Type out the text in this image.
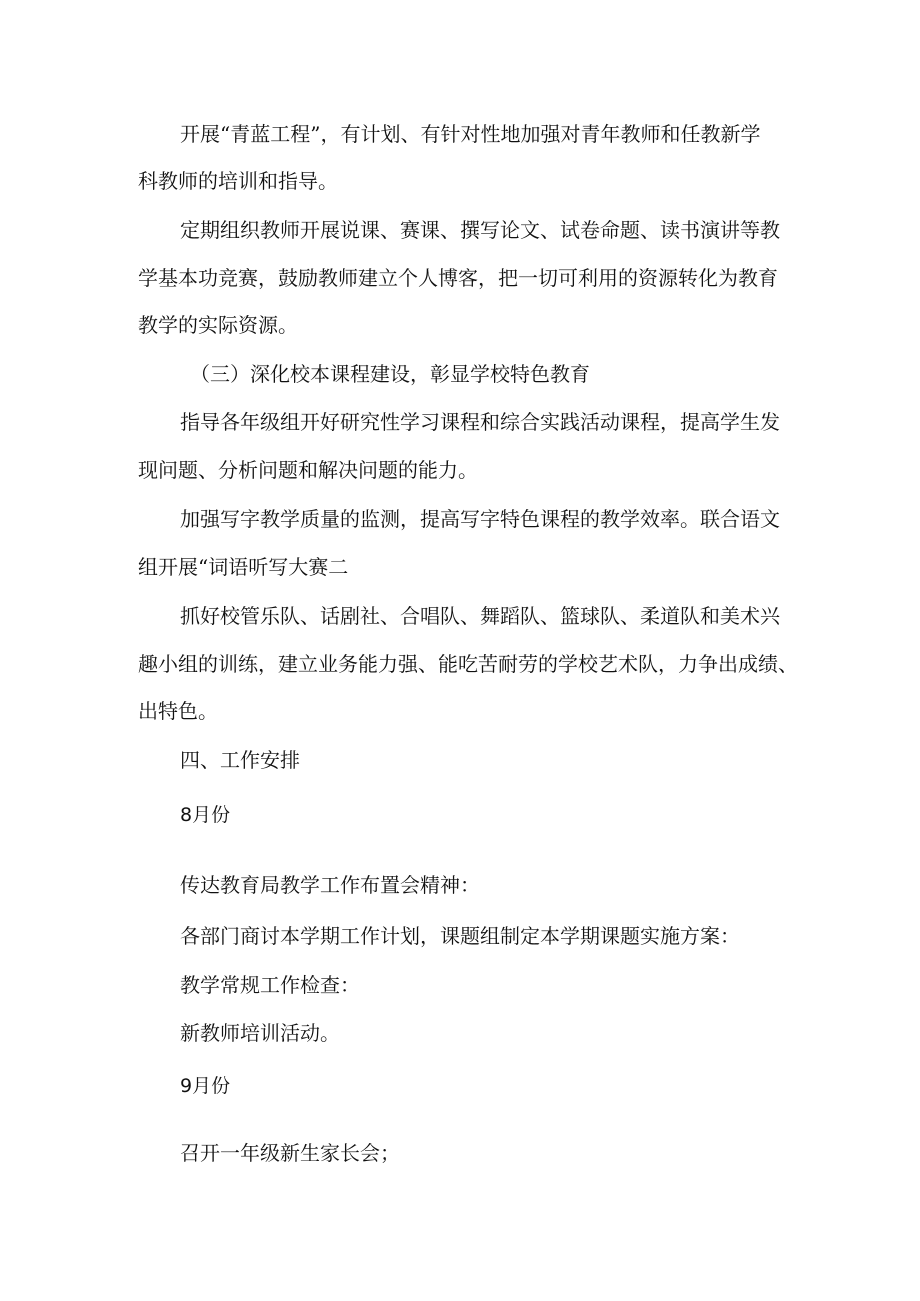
开展“青蓝工程”，有计划、有针对性地加强对青年教师和任教新学
科教师的培训和指导。
定期组织教师开展说课、赛课、撰写论文、试卷命题、读书演讲等教
学基本功竞赛，鼓励教师建立个人博客，把一切可利用的资源转化为教育
教学的实际资源。
（三）深化校本课程建设，彰显学校特色教育
指导各年级组开好研究性学习课程和综合实践活动课程，提高学生发
现问题、分析问题和解决问题的能力。
加强写字教学质量的监测，提高写字特色课程的教学效率。联合语文
组开展“词语听写大赛二
抓好校管乐队、话剧社、合唱队、舞蹈队、篮球队、柔道队和美术兴
趣小组的训练，建立业务能力强、能吃苦耐劳的学校艺术队，力争出成绩、
出特色。
四、工作安排
8月份
传达教育局教学工作布置会精神：
各部门商讨本学期工作计划，课题组制定本学期课题实施方案：
教学常规工作检查：
新教师培训活动。
9月份
召开一年级新生家长会；
